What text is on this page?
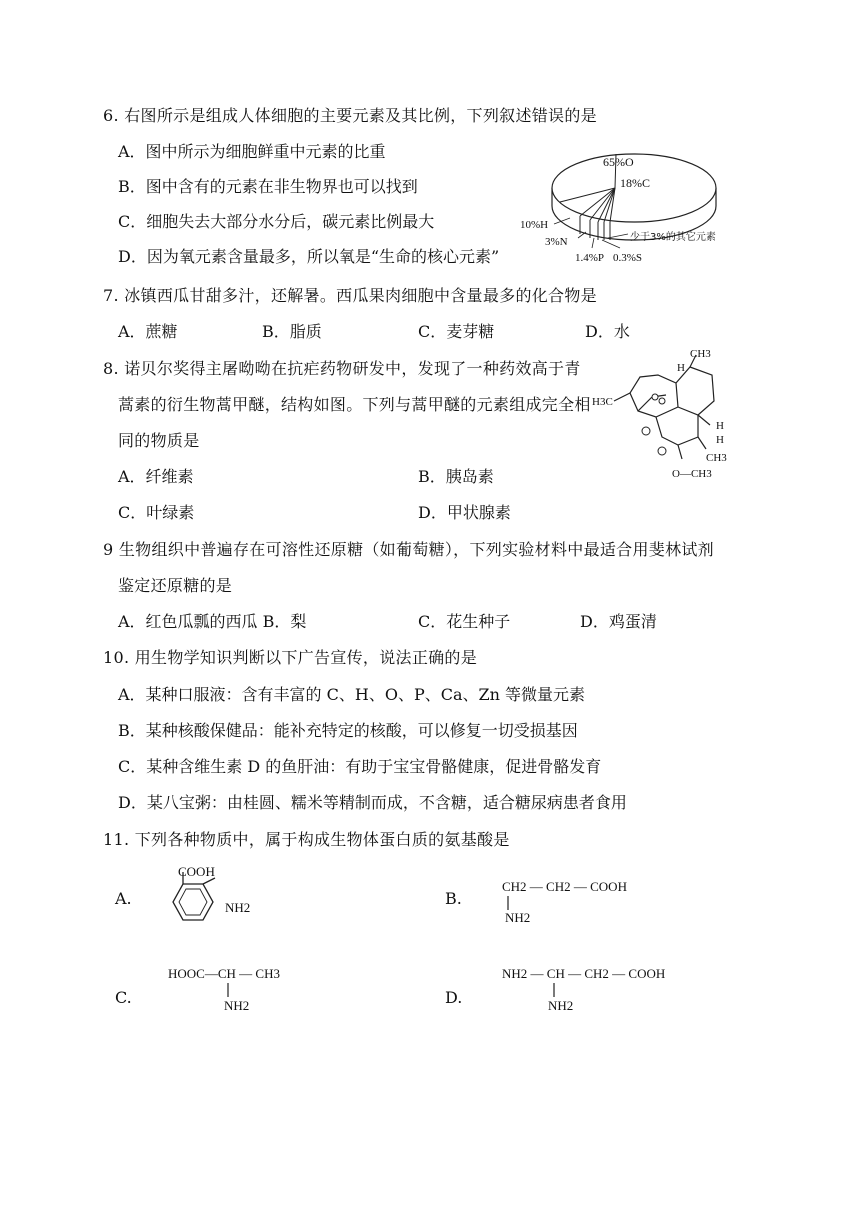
6. 右图所示是组成人体细胞的主要元素及其比例，下列叙述错误的是
A．图中所示为细胞鲜重中元素的比重
B．图中含有的元素在非生物界也可以找到
C．细胞失去大部分水分后，碳元素比例最大
D．因为氧元素含量最多，所以氧是“生命的核心元素”
65%O
18%C
10%H
3%N
1.4%P 0.3%S
少于3%的其它元素
7. 冰镇西瓜甘甜多汁，还解暑。西瓜果肉细胞中含量最多的化合物是
A．蔗糖	B．脂质	C．麦芽糖	D．水
8. 诺贝尔奖得主屠呦呦在抗疟药物研发中，发现了一种药效高于青
蒿素的衍生物蒿甲醚，结构如图。下列与蒿甲醚的元素组成完全相
同的物质是
A．纤维素	B．胰岛素
C．叶绿素	D．甲状腺素
CH3
H
H3C
H
H
CH3
O—CH3
9 生物组织中普遍存在可溶性还原糖（如葡萄糖），下列实验材料中最适合用斐林试剂
鉴定还原糖的是
A．红色瓜瓢的西瓜 B．梨	C．花生种子	D．鸡蛋清
10. 用生物学知识判断以下广告宣传，说法正确的是
A．某种口服液：含有丰富的 C、H、O、P、Ca、Zn 等微量元素
B．某种核酸保健品：能补充特定的核酸，可以修复一切受损基因
C．某种含维生素 D 的鱼肝油：有助于宝宝骨骼健康，促进骨骼发育
D．某八宝粥：由桂圆、糯米等精制而成，不含糖，适合糖尿病患者食用
11. 下列各种物质中，属于构成生物体蛋白质的氨基酸是
A.
COOH
NH2	B.
CH2 — CH2 — COOH
NH2
C.
HOOC—CH — CH3
NH2	D.
NH2 — CH — CH2 — COOH
NH2
